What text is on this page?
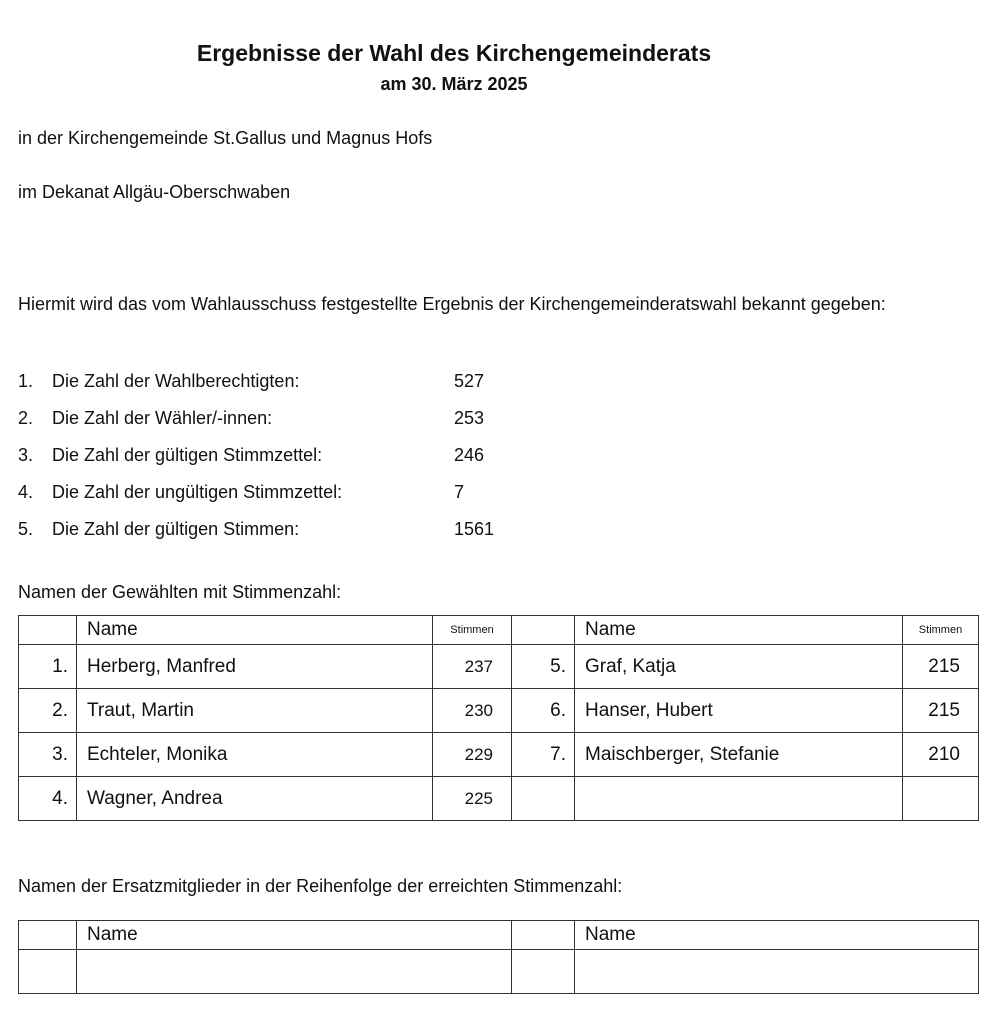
Ergebnisse der Wahl des Kirchengemeinderats
am 30. März 2025
in der Kirchengemeinde St.Gallus und Magnus Hofs
im Dekanat Allgäu-Oberschwaben
Hiermit wird das vom Wahlausschuss festgestellte Ergebnis der Kirchengemeinderatswahl bekannt gegeben:
1. Die Zahl der Wahlberechtigten:	527
2. Die Zahl der Wähler/-innen:	253
3. Die Zahl der gültigen Stimmzettel:	246
4. Die Zahl der ungültigen Stimmzettel:	7
5. Die Zahl der gültigen Stimmen:	1561
Namen der Gewählten mit Stimmenzahl:
	Name	Stimmen		Name	Stimmen
1.	Herberg, Manfred	237	5.	Graf, Katja	215
2.	Traut, Martin	230	6.	Hanser, Hubert	215
3.	Echteler, Monika	229	7.	Maischberger, Stefanie	210
4.	Wagner, Andrea	225			
Namen der Ersatzmitglieder in der Reihenfolge der erreichten Stimmenzahl:
	Name		Name
